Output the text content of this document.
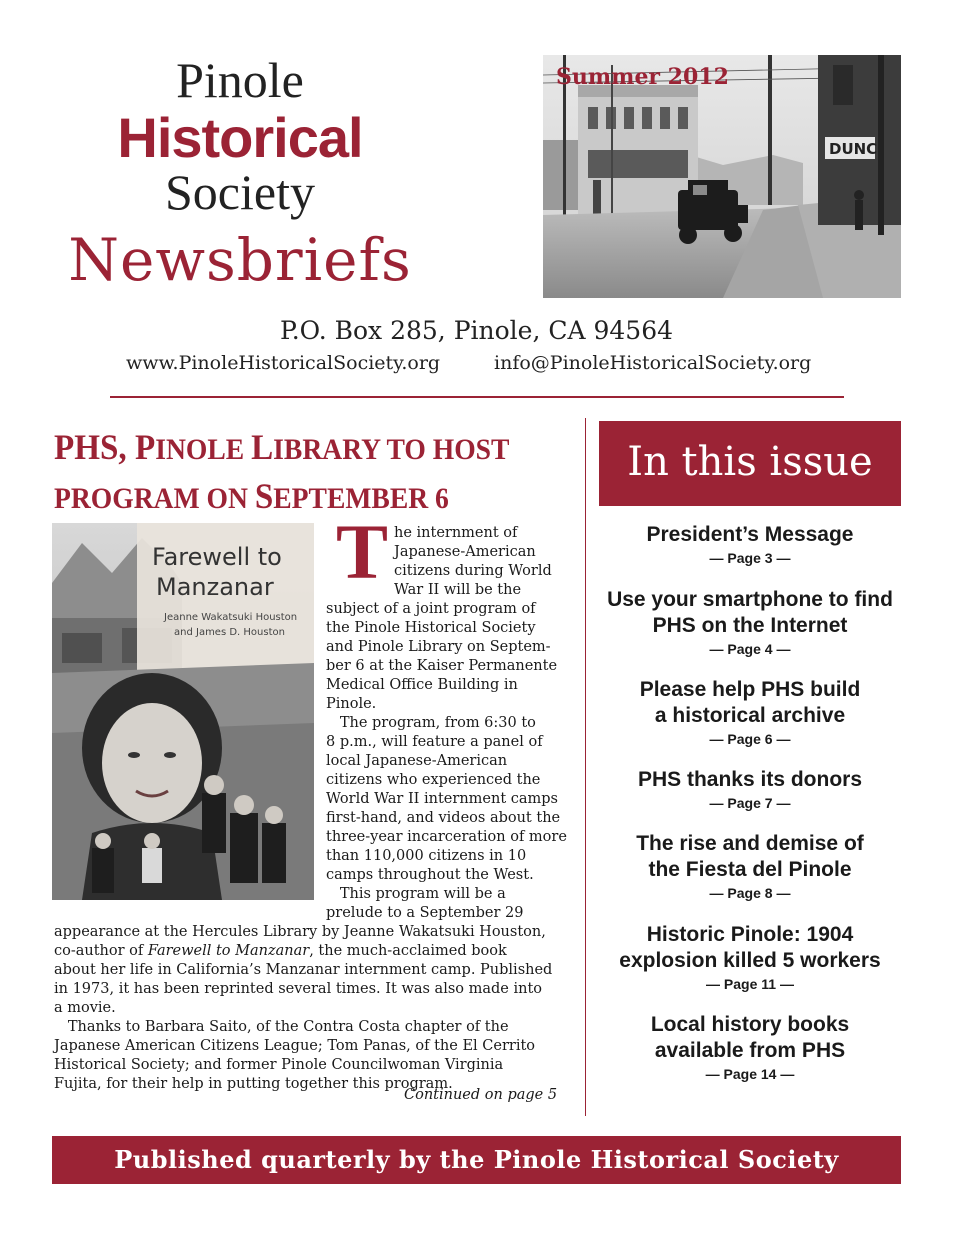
Pinole
Historical
Society
Newsbriefs
DUNC
Summer 2012
P.O. Box 285, Pinole, CA 94564
www.PinoleHistoricalSociety.org	info@PinoleHistoricalSociety.org
PHS, PINOLE LIBRARY TO HOST
PROGRAM ON SEPTEMBER 6
Farewell to
Manzanar
Jeanne Wakatsuki Houston
and James D. Houston
T he internment of
Japanese-American
citizens during World
War II will be the
subject of a joint program of
the Pinole Historical Society
and Pinole Library on Septem-
ber 6 at the Kaiser Permanente
Medical Office Building in
Pinole.
The program, from 6:30 to
8 p.m., will feature a panel of
local Japanese-American
citizens who experienced the
World War II internment camps
first-hand, and videos about the
three-year incarceration of more
than 110,000 citizens in 10
camps throughout the West.
This program will be a
prelude to a September 29
appearance at the Hercules Library by Jeanne Wakatsuki Houston,
co-author of Farewell to Manzanar, the much-acclaimed book
about her life in California’s Manzanar internment camp. Published
in 1973, it has been reprinted several times. It was also made into
a movie.
Thanks to Barbara Saito, of the Contra Costa chapter of the
Japanese American Citizens League; Tom Panas, of the El Cerrito
Historical Society; and former Pinole Councilwoman Virginia
Fujita, for their help in putting together this program.
Continued on page 5
In this issue
President’s Message
— Page 3 —
Use your smartphone to find PHS on the Internet
— Page 4 —
Please help PHS build a historical archive
— Page 6 —
PHS thanks its donors
— Page 7 —
The rise and demise of the Fiesta del Pinole
— Page 8 —
Historic Pinole: 1904 explosion killed 5 workers
— Page 11 —
Local history books available from PHS
— Page 14 —
Published quarterly by the Pinole Historical Society
